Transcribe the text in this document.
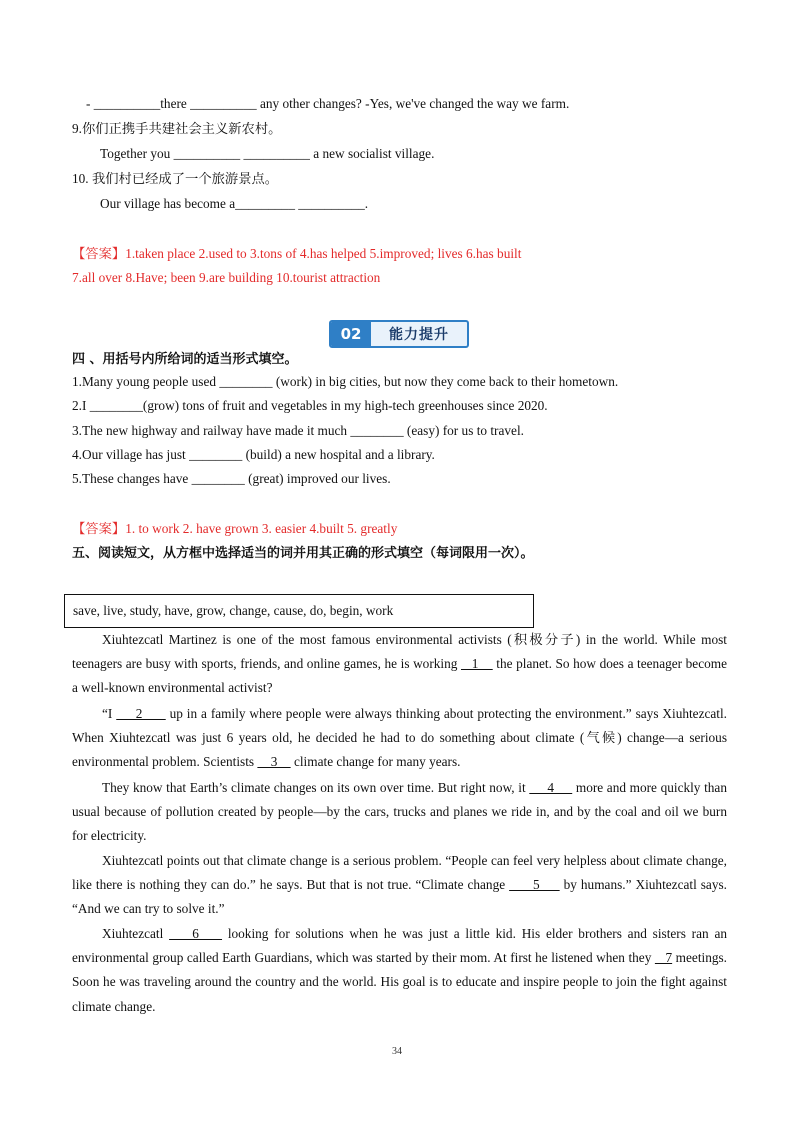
- __________there __________ any other changes? -Yes, we've changed the way we farm.
9.你们正携手共建社会主义新农村。
Together you __________ __________ a new socialist village.
10. 我们村已经成了一个旅游景点。
Our village has become a_________ __________.
【答案】1.taken place 2.used to 3.tons of 4.has helped 5.improved; lives 6.has built
7.all over 8.Have; been 9.are building 10.tourist attraction
02	能力提升
四 、用括号内所给词的适当形式填空。
1.Many young people used ________ (work) in big cities, but now they come back to their hometown.
2.I ________(grow) tons of fruit and vegetables in my high-tech greenhouses since 2020.
3.The new highway and railway have made it much ________ (easy) for us to travel.
4.Our village has just ________ (build) a new hospital and a library.
5.These changes have ________ (great) improved our lives.
【答案】1. to work 2. have grown 3. easier 4.built 5. greatly
五、阅读短文，从方框中选择适当的词并用其正确的形式填空（每词限用一次）。
save, live, study, have, grow, change, cause, do, begin, work
Xiuhtezcatl Martinez is one of the most famous environmental activists (积极分子) in the world. While most teenagers are busy with sports, friends, and online games, he is working    1     the planet. So how does a teenager become a well-known environmental activist?
“I      2       up in a family where people were always thinking about protecting the environment.” says Xiuhtezcatl. When Xiuhtezcatl was just 6 years old, he decided he had to do something about climate (气候) change—a serious environmental problem. Scientists     3     climate change for many years.
They know that Earth’s climate changes on its own over time. But right now, it      4      more and more quickly than usual because of pollution created by people—by the cars, trucks and planes we ride in, and by the coal and oil we burn for electricity.
Xiuhtezcatl points out that climate change is a serious problem. “People can feel very helpless about climate change, like there is nothing they can do.” he says. But that is not true. “Climate change       5      by humans.” Xiuhtezcatl says. “And we can try to solve it.”
Xiuhtezcatl     6     looking for solutions when he was just a little kid. His elder brothers and sisters ran an environmental group called Earth Guardians, which was started by their mom. At first he listened when they    7 meetings. Soon he was traveling around the country and the world. His goal is to educate and inspire people to join the fight against climate change.
34
